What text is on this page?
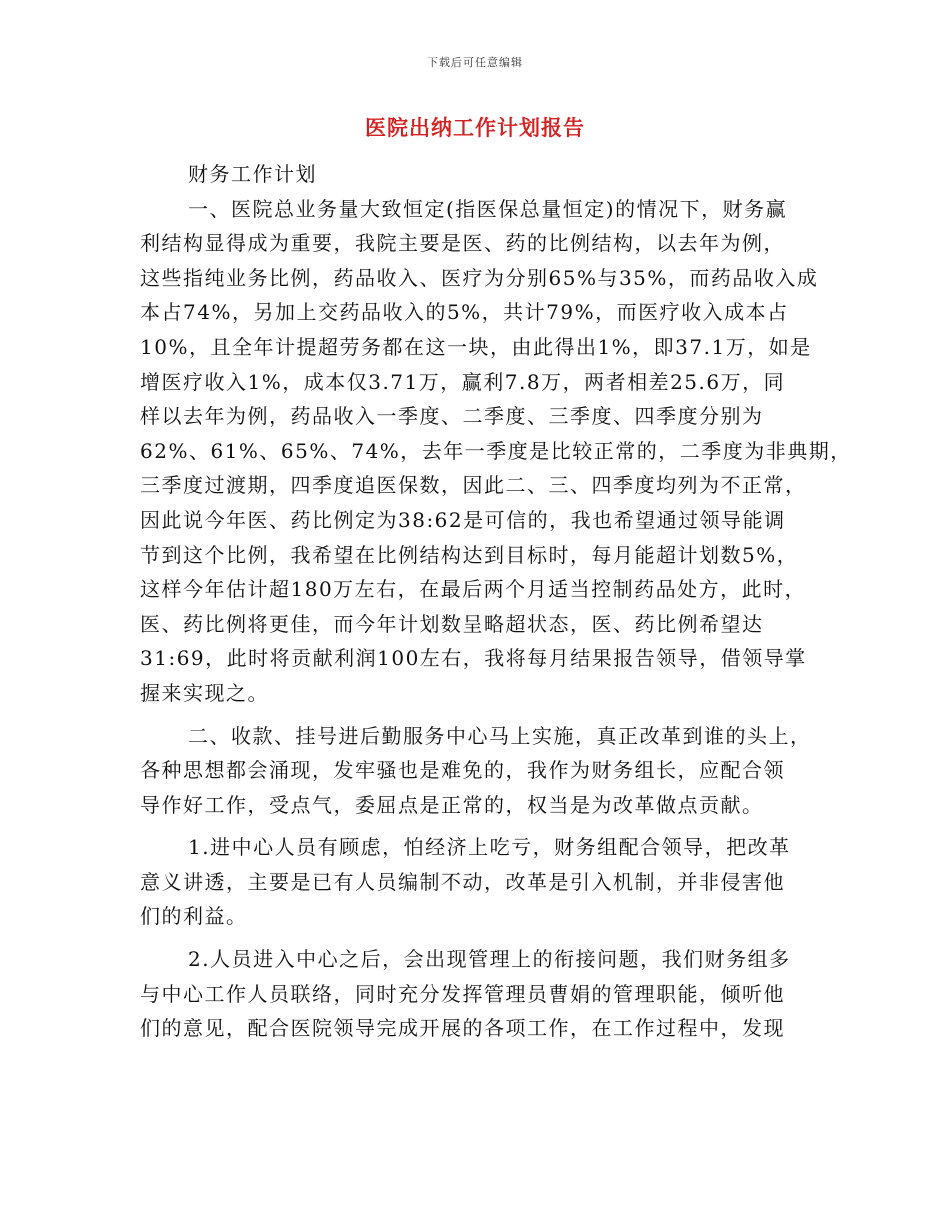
下载后可任意编辑
医院出纳工作计划报告
财务工作计划
一、医院总业务量大致恒定(指医保总量恒定)的情况下，财务赢
利结构显得成为重要，我院主要是医、药的比例结构，以去年为例，
这些指纯业务比例，药品收入、医疗为分别65%与35%，而药品收入成
本占74%，另加上交药品收入的5%，共计79%，而医疗收入成本占
10%，且全年计提超劳务都在这一块，由此得出1%，即37.1万，如是
增医疗收入1%，成本仅3.71万，赢利7.8万，两者相差25.6万，同
样以去年为例，药品收入一季度、二季度、三季度、四季度分别为
62%、61%、65%、74%，去年一季度是比较正常的，二季度为非典期，
三季度过渡期，四季度追医保数，因此二、三、四季度均列为不正常，
因此说今年医、药比例定为38:62是可信的，我也希望通过领导能调
节到这个比例，我希望在比例结构达到目标时，每月能超计划数5%，
这样今年估计超180万左右，在最后两个月适当控制药品处方，此时，
医、药比例将更佳，而今年计划数呈略超状态，医、药比例希望达
31:69，此时将贡献利润100左右，我将每月结果报告领导，借领导掌
握来实现之。
二、收款、挂号进后勤服务中心马上实施，真正改革到谁的头上，
各种思想都会涌现，发牢骚也是难免的，我作为财务组长，应配合领
导作好工作，受点气，委屈点是正常的，权当是为改革做点贡献。
1.进中心人员有顾虑，怕经济上吃亏，财务组配合领导，把改革
意义讲透，主要是已有人员编制不动，改革是引入机制，并非侵害他
们的利益。
2.人员进入中心之后，会出现管理上的衔接问题，我们财务组多
与中心工作人员联络，同时充分发挥管理员曹娟的管理职能，倾听他
们的意见，配合医院领导完成开展的各项工作，在工作过程中，发现
